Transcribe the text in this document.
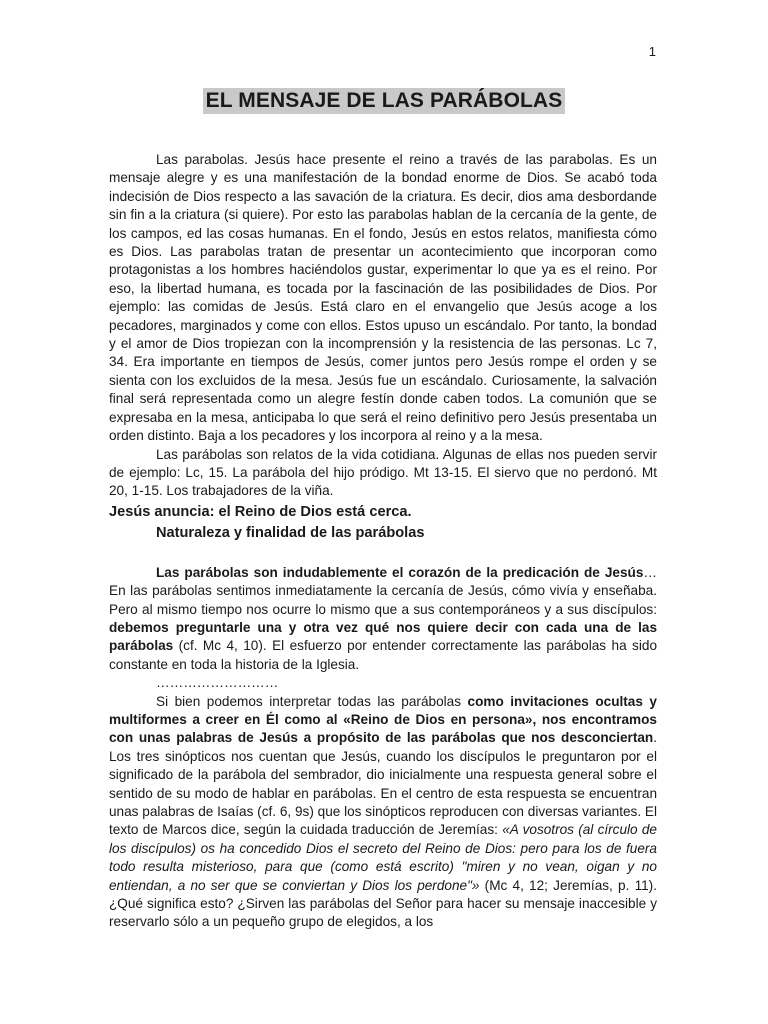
1
EL MENSAJE DE LAS PARÁBOLAS

Las parabolas. Jesús hace presente el reino a través de las parabolas. Es un mensaje alegre y es una manifestación de la bondad enorme de Dios. Se acabó toda indecisión de Dios respecto a las savación de la criatura. Es decir, dios ama desbordande sin fin a la criatura (si quiere). Por esto las parabolas hablan de la cercanía de la gente, de los campos, ed las cosas humanas. En el fondo, Jesús en estos relatos, manifiesta cómo es Dios. Las parabolas tratan de presentar un acontecimiento que incorporan como protagonistas a los hombres haciéndolos gustar, experimentar lo que ya es el reino. Por eso, la libertad humana, es tocada por la fascinación de las posibilidades de Dios. Por ejemplo: las comidas de Jesús. Está claro en el envangelio que Jesús acoge a los pecadores, marginados y come con ellos. Estos upuso un escándalo. Por tanto, la bondad y el amor de Dios tropiezan con la incomprensión y la resistencia de las personas. Lc 7, 34. Era importante en tiempos de Jesús, comer juntos pero Jesús rompe el orden y se sienta con los excluidos de la mesa. Jesús fue un escándalo. Curiosamente, la salvación final será representada como un alegre festín donde caben todos. La comunión que se expresaba en la mesa, anticipaba lo que será el reino definitivo pero Jesús presentaba un orden distinto. Baja a los pecadores y los incorpora al reino y a la mesa.

Las parábolas son relatos de la vida cotidiana. Algunas de ellas nos pueden servir de ejemplo: Lc, 15. La parábola del hijo pródigo. Mt 13-15. El siervo que no perdonó. Mt 20, 1-15. Los trabajadores de la viña.

Jesús anuncia: el Reino de Dios está cerca.
Naturaleza y finalidad de las parábolas

Las parábolas son indudablemente el corazón de la predicación de Jesús… En las parábolas sentimos inmediatamente la cercanía de Jesús, cómo vivía y enseñaba. Pero al mismo tiempo nos ocurre lo mismo que a sus contemporáneos y a sus discípulos: debemos preguntarle una y otra vez qué nos quiere decir con cada una de las parábolas (cf. Mc 4, 10). El esfuerzo por entender correctamente las parábolas ha sido constante en toda la historia de la Iglesia.

………………………

Si bien podemos interpretar todas las parábolas como invitaciones ocultas y multiformes a creer en Él como al «Reino de Dios en persona», nos encontramos con unas palabras de Jesús a propósito de las parábolas que nos desconciertan. Los tres sinópticos nos cuentan que Jesús, cuando los discípulos le preguntaron por el significado de la parábola del sembrador, dio inicialmente una respuesta general sobre el sentido de su modo de hablar en parábolas. En el centro de esta respuesta se encuentran unas palabras de Isaías (cf. 6, 9s) que los sinópticos reproducen con diversas variantes. El texto de Marcos dice, según la cuidada traducción de Jeremías: «A vosotros (al círculo de los discípulos) os ha concedido Dios el secreto del Reino de Dios: pero para los de fuera todo resulta misterioso, para que (como está escrito) "miren y no vean, oigan y no entiendan, a no ser que se conviertan y Dios los perdone"» (Mc 4, 12; Jeremías, p. 11). ¿Qué significa esto? ¿Sirven las parábolas del Señor para hacer su mensaje inaccesible y reservarlo sólo a un pequeño grupo de elegidos, a los
